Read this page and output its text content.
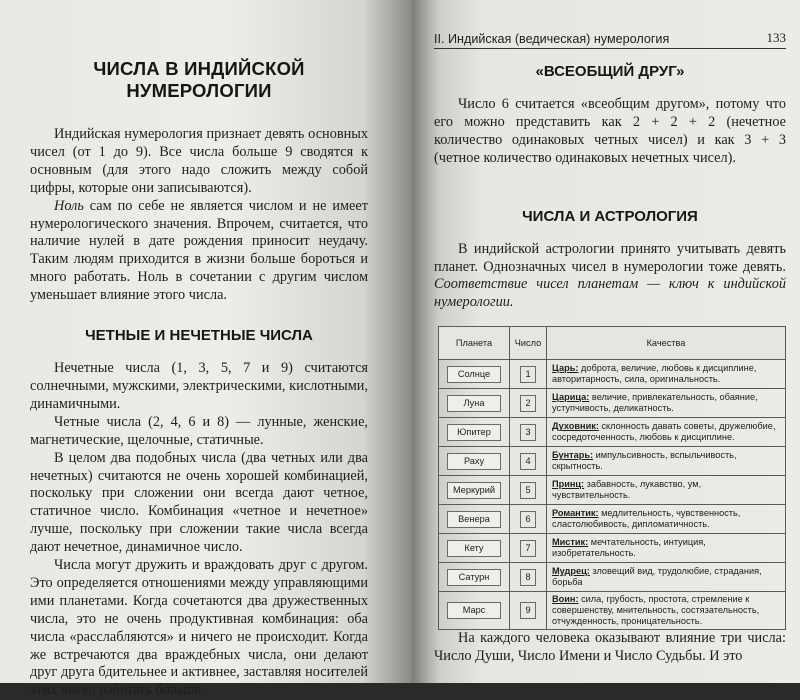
ЧИСЛА В ИНДИЙСКОЙ НУМЕРОЛОГИИ

Индийская нумерология признает девять основных чисел (от 1 до 9). Все числа больше 9 сводятся к основным (для этого надо сложить между собой цифры, которые они записываются).

Ноль сам по себе не является числом и не имеет нумерологического значения. Впрочем, считается, что наличие нулей в дате рождения приносит неудачу. Таким людям приходится в жизни больше бороться и много работать. Ноль в сочетании с другим числом уменьшает влияние этого числа.

ЧЕТНЫЕ И НЕЧЕТНЫЕ ЧИСЛА

Нечетные числа (1, 3, 5, 7 и 9) считаются солнечными, мужскими, электрическими, кислотными, динамичными.

Четные числа (2, 4, 6 и 8) — лунные, женские, магнетические, щелочные, статичные.

В целом два подобных числа (два четных или два нечетных) считаются не очень хорошей комбинацией, поскольку при сложении они всегда дают четное, статичное число. Комбинация «четное и нечетное» лучше, поскольку при сложении такие числа всегда дают нечетное, динамичное число.

Числа могут дружить и враждовать друг с другом. Это определяется отношениями между управляющими ими планетами. Когда сочетаются два дружественных числа, это не очень продуктивная комбинация: оба числа «расслабляются» и ничего не происходит. Когда же встречаются два враждебных числа, они делают друг друга бдительнее и активнее, заставляя носителей этих чисел работать больше.

II. Индийская (ведическая) нумерология	133
«ВСЕОБЩИЙ ДРУГ»

Число 6 считается «всеобщим другом», потому что его можно представить как 2 + 2 + 2 (нечетное количество одинаковых четных чисел) и как 3 + 3 (четное количество одинаковых нечетных чисел).

ЧИСЛА И АСТРОЛОГИЯ

В индийской астрологии принято учитывать девять планет. Однозначных чисел в нумерологии тоже девять. Соответствие чисел планетам — ключ к индийской нумерологии.

Планета	Число	Качества
Солнце	1	Царь: доброта, величие, любовь к дисциплине, авторитарность, сила, оригинальность.
Луна	2	Царица: величие, привлекательность, обаяние, уступчивость, деликатность.
Юпитер	3	Духовник: склонность давать советы, дружелюбие, сосредоточенность, любовь к дисциплине.
Раху	4	Бунтарь: импульсивность, вспыльчивость, скрытность.
Меркурий	5	Принц: забавность, лукавство, ум, чувствительность.
Венера	6	Романтик: медлительность, чувственность, сластолюбивость, дипломатичность.
Кету	7	Мистик: мечтательность, интуиция, изобретательность.
Сатурн	8	Мудрец: зловещий вид, трудолюбие, страдания, борьба
Марс	9	Воин: сила, грубость, простота, стремление к совершенству, мнительность, состязательность, отчужденность, проницательность.

На каждого человека оказывают влияние три числа: Число Души, Число Имени и Число Судьбы. И это
